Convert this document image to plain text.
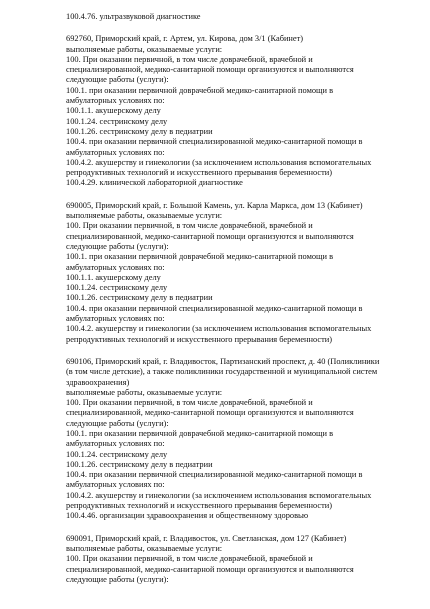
100.4.76. ультразвуковой диагностике
692760, Приморский край, г. Артем, ул. Кирова, дом 3/1 (Кабинет)
выполняемые работы, оказываемые услуги:
100. При оказании первичной, в том числе доврачебной, врачебной и
специализированной, медико-санитарной помощи организуются и выполняются
следующие работы (услуги):
100.1. при оказании первичной доврачебной медико-санитарной помощи в
амбулаторных условиях по:
100.1.1. акушерскому делу
100.1.24. сестринскому делу
100.1.26. сестринскому делу в педиатрии
100.4. при оказании первичной специализированной медико-санитарной помощи в
амбулаторных условиях по:
100.4.2. акушерству и гинекологии (за исключением использования вспомогательных
репродуктивных технологий и искусственного прерывания беременности)
100.4.29. клинической лабораторной диагностике
690005, Приморский край, г. Большой Камень, ул. Карла Маркса, дом 13 (Кабинет)
выполняемые работы, оказываемые услуги:
100. При оказании первичной, в том числе доврачебной, врачебной и
специализированной, медико-санитарной помощи организуются и выполняются
следующие работы (услуги):
100.1. при оказании первичной доврачебной медико-санитарной помощи в
амбулаторных условиях по:
100.1.1. акушерскому делу
100.1.24. сестринскому делу
100.1.26. сестринскому делу в педиатрии
100.4. при оказании первичной специализированной медико-санитарной помощи в
амбулаторных условиях по:
100.4.2. акушерству и гинекологии (за исключением использования вспомогательных
репродуктивных технологий и искусственного прерывания беременности)
690106, Приморский край, г. Владивосток, Партизанский проспект, д. 40 (Поликлиники
(в том числе детские), а также поликлиники государственной и муниципальной систем
здравоохранения)
выполняемые работы, оказываемые услуги:
100. При оказании первичной, в том числе доврачебной, врачебной и
специализированной, медико-санитарной помощи организуются и выполняются
следующие работы (услуги):
100.1. при оказании первичной доврачебной медико-санитарной помощи в
амбулаторных условиях по:
100.1.24. сестринскому делу
100.1.26. сестринскому делу в педиатрии
100.4. при оказании первичной специализированной медико-санитарной помощи в
амбулаторных условиях по:
100.4.2. акушерству и гинекологии (за исключением использования вспомогательных
репродуктивных технологий и искусственного прерывания беременности)
100.4.46. организации здравоохранения и общественному здоровью
690091, Приморский край, г. Владивосток, ул. Светланская, дом 127 (Кабинет)
выполняемые работы, оказываемые услуги:
100. При оказании первичной, в том числе доврачебной, врачебной и
специализированной, медико-санитарной помощи организуются и выполняются
следующие работы (услуги):
